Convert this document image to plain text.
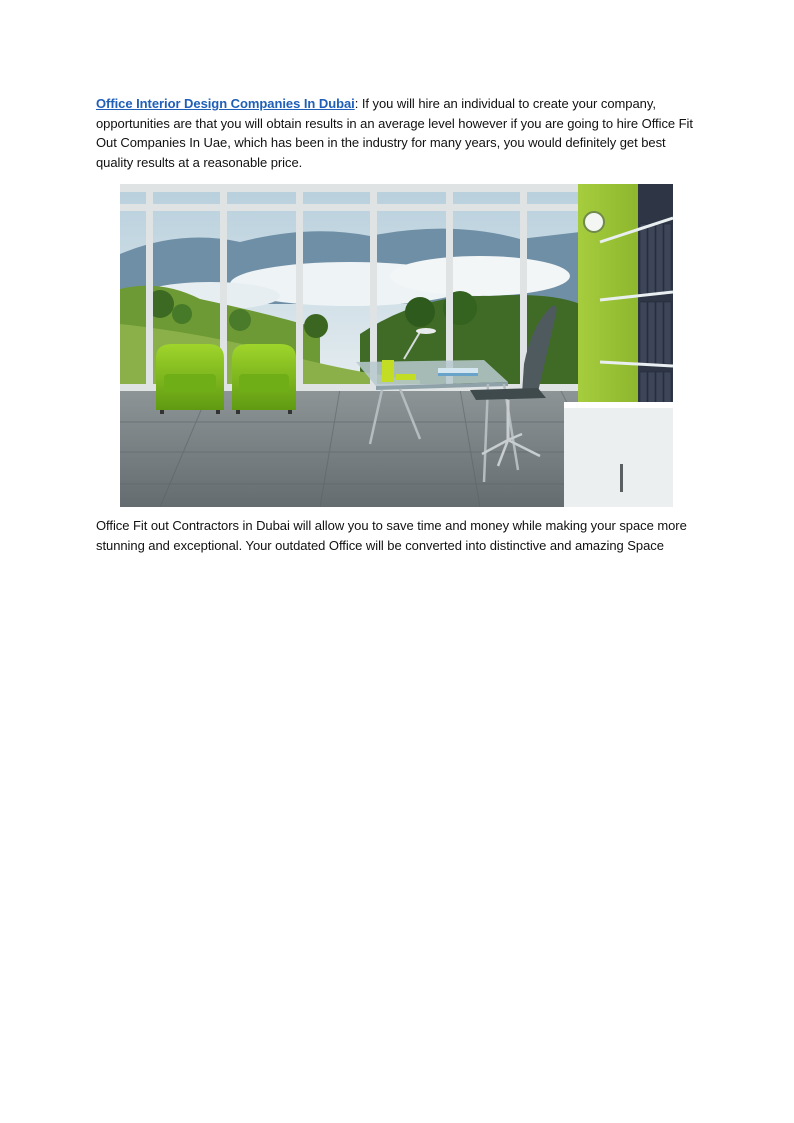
Office Interior Design Companies In Dubai: If you will hire an individual to create your company, opportunities are that you will obtain results in an average level however if you are going to hire Office Fit Out Companies In Uae, which has been in the industry for many years, you would definitely get best quality results at a reasonable price.

Office Fit out Contractors in Dubai will allow you to save time and money while making your space more stunning and exceptional. Your outdated Office will be converted into distinctive and amazing Space
